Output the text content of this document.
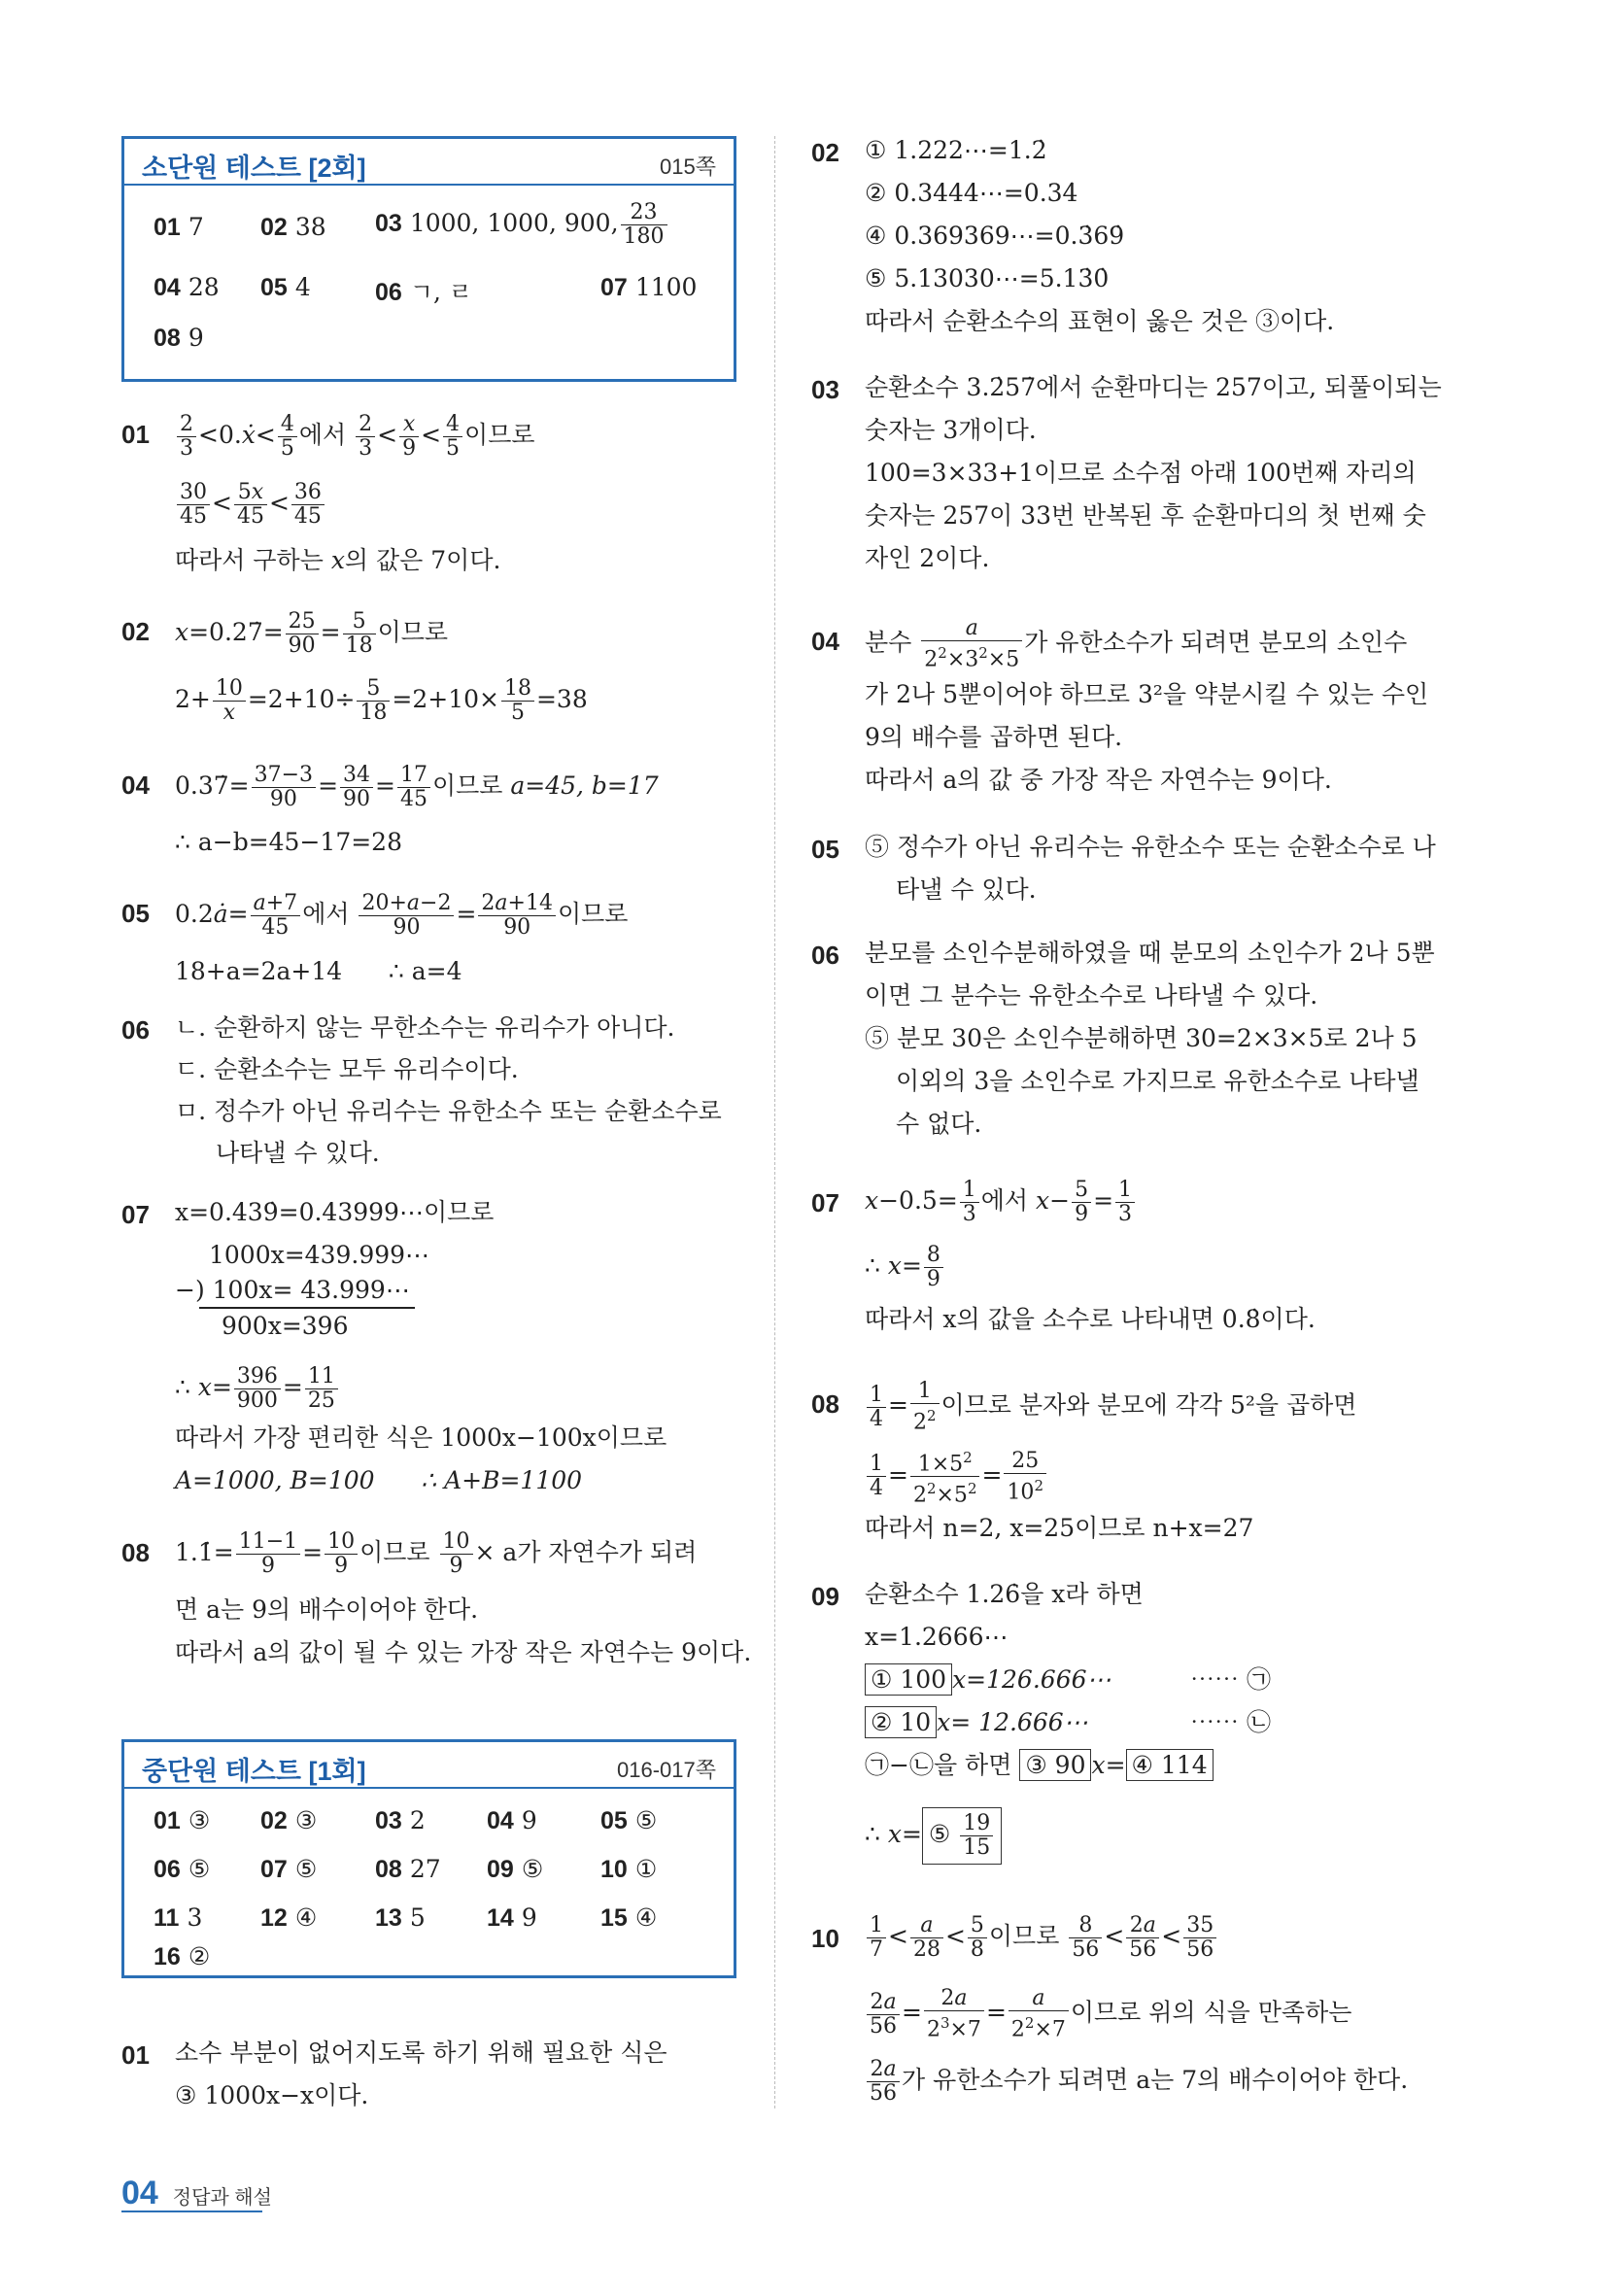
소단원 테스트 [2회]	015쪽
01 7 02 38 03 1000, 1000, 900, $\frac{23}{180}$
04 28 05 4	06 ㄱ, ㄹ	07 1100
08 9
$01 \frac{2}{3}$ <0.ẋ< $\frac{4}{5}$ 에서 $\frac{2}{3} < \frac{x}{9} < \frac{4}{5}$ 이므로
$\frac{30}{45} < \frac{5x}{45} < \frac{36}{45}$
따라서 구하는 x의 값은 7이다.
02 x=0.27̇= $\frac{25}{90} = \frac{5}{18}$ 이므로
$2+ \frac{10}{x} =2+10\div \frac{5}{18} =2+10\times \frac{18}{5} =38$
04 0.37̇= $\frac{37-3}{90} = \frac{34}{90} = \frac{17}{45}$ 이므로 a=45, b=17
∴ a−b=45−17=28
05 0.2ȧ= $\frac{a+7}{45}$ 에서 $\frac{20+a-2}{90} = \frac{2a+14}{90}$ 이므로
18+a=2a+14 ∴ a=4
06 ㄴ. 순환하지 않는 무한소수는 유리수가 아니다.
ㄷ. 순환소수는 모두 유리수이다.
ㅁ. 정수가 아닌 유리수는 유한소수 또는 순환소수로
나타낼 수 있다.
07 x=0.439̇=0.43999⋯이므로
1000x=439.999⋯
−) 100x= 43.999⋯
900x=396
∴ $x= \frac{396}{900} = \frac{11}{25}$
따라서 가장 편리한 식은 1000x−100x이므로
A=1000, B=100 ∴ A+B=1100
08 1.1̇= $\frac{11-1}{9} = \frac{10}{9}$ 이므로 $\frac{10}{9} \times a$가 자연수가 되려
면 a는 9의 배수이어야 한다.
따라서 a의 값이 될 수 있는 가장 작은 자연수는 9이다.
중단원 테스트 [1회]	016-017쪽
01 ③ 02 ③ 03 2	04 9	05 ⑤
06 ⑤ 07 ⑤ 08 27 09 ⑤ 10 ①
11 3 12 ④ 13 5	14 9	15 ④
16 ②
01 소수 부분이 없어지도록 하기 위해 필요한 식은
③ 1000x−x이다.
02 ① 1.222⋯=1.2̇
② 0.3444⋯=0.34̇
④ 0.369369⋯=0.3̇69̇
⑤ 5.13030⋯=5.13̇0̇
따라서 순환소수의 표현이 옳은 것은 ③이다.
03 순환소수 3.2̇57̇에서 순환마디는 257이고, 되풀이되는
숫자는 3개이다.
100=3×33+1이므로 소수점 아래 100번째 자리의
숫자는 257이 33번 반복된 후 순환마디의 첫 번째 숫
자인 2이다.
04 분수 $\frac{a}{2^2\times 3^2\times 5}$ 가 유한소수가 되려면 분모의 소인수
가 2나 5뿐이어야 하므로 3²을 약분시킬 수 있는 수인
9의 배수를 곱하면 된다.
따라서 a의 값 중 가장 작은 자연수는 9이다.
05 ⑤ 정수가 아닌 유리수는 유한소수 또는 순환소수로 나
타낼 수 있다.
06 분모를 소인수분해하였을 때 분모의 소인수가 2나 5뿐
이면 그 분수는 유한소수로 나타낼 수 있다.
⑤ 분모 30은 소인수분해하면 30=2×3×5로 2나 5
이외의 3을 소인수로 가지므로 유한소수로 나타낼
수 없다.
07 x−0.5̇= $\frac{1}{3}$ 에서 $x- \frac{5}{9} = \frac{1}{3}$
∴ $x= \frac{8}{9}$
따라서 x의 값을 소수로 나타내면 0.8̇이다.
$08 \frac{1}{4} = \frac{1}{2^2}$ 이므로 분자와 분모에 각각 5²을 곱하면
$\frac{1}{4} = \frac{1\times 5^2}{2^2\times 5^2} = \frac{25}{10^2}$
따라서 n=2, x=25이므로 n+x=27
09 순환소수 1.26̇을 x라 하면
x=1.2666⋯
① 100 x=126.666⋯	⋯⋯ ㉠
② 10 x= 12.666⋯	⋯⋯ ㉡
㉠−㉡을 하면 ③ 90 x= ④ 114
∴ x= ⑤ $\frac{19}{15}$
$10 \frac{1}{7} < \frac{a}{28} < \frac{5}{8}$ 이므로 $\frac{8}{56} < \frac{2a}{56} < \frac{35}{56}$
$\frac{2a}{56} = \frac{2a}{2^3\times 7} = \frac{a}{2^2\times 7}$ 이므로 위의 식을 만족하는
$\frac{2a}{56}$ 가 유한소수가 되려면 a는 7의 배수이어야 한다.
04 정답과 해설
